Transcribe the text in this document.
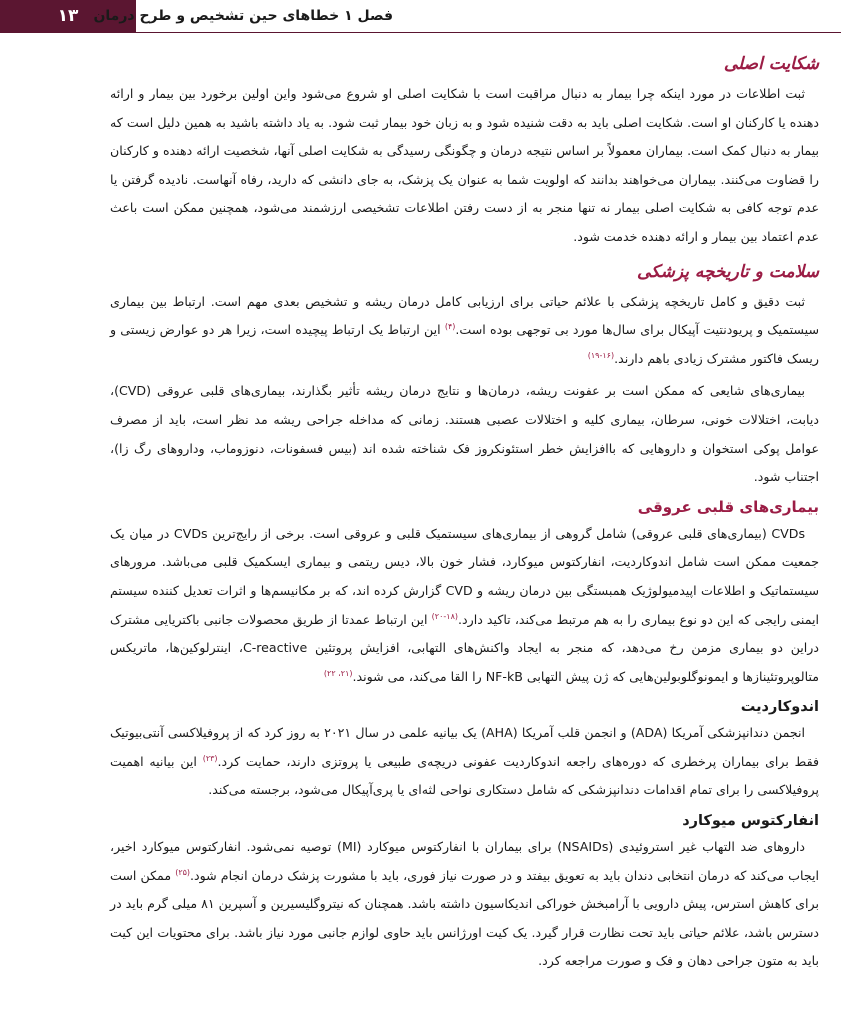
۱۳	فصل ۱ خطاهای حین تشخیص و طرح درمان
شکایت اصلی

ثبت اطلاعات در مورد اینکه چرا بیمار به دنبال مراقبت است با شکایت اصلی او شروع می‌شود واین اولین برخورد بین بیمار و ارائه دهنده یا کارکنان او است. شکایت اصلی باید به دقت شنیده شود و به زبان خود بیمار ثبت شود. به یاد داشته باشید به همین دلیل است که بیمار به دنبال کمک است. بیماران معمولاً بر اساس نتیجه درمان و چگونگی رسیدگی به شکایت اصلی آنها، شخصیت ارائه دهنده و کارکنان را قضاوت می‌کنند. بیماران می‌خواهند بدانند که اولویت شما به عنوان یک پزشک، به جای دانشی که دارید، رفاه آنهاست. نادیده گرفتن یا عدم توجه کافی به شکایت اصلی بیمار نه تنها منجر به از دست رفتن اطلاعات تشخیصی ارزشمند می‌شود، همچنین ممکن است باعث عدم اعتماد بین بیمار و ارائه دهنده خدمت شود.

سلامت و تاریخچه پزشکی

ثبت دقیق و کامل تاریخچه پزشکی با علائم حیاتی برای ارزیابی کامل درمان ریشه و تشخیص بعدی مهم است. ارتباط بین بیماری سیستمیک و پریودنتیت آپیکال برای سال‌ها مورد بی توجهی بوده است.$^{(۴)}$ این ارتباط یک ارتباط پیچیده است، زیرا هر دو عوارض زیستی و ریسک فاکتور مشترک زیادی باهم دارند.$^{(۱۶-۱۹)}$

بیماری‌های شایعی که ممکن است بر عفونت ریشه، درمان‌ها و نتایج درمان ریشه تأثیر بگذارند، بیماری‌های قلبی عروقی (CVD)، دیابت، اختلالات خونی، سرطان، بیماری کلیه و اختلالات عصبی هستند. زمانی که مداخله جراحی ریشه مد نظر است، باید از مصرف عوامل پوکی استخوان و داروهایی که باافزایش خطر استئونکروز فک شناخته شده اند (بیس فسفونات، دنوزوماب، وداروهای رگ زا)، اجتناب شود.

بیماری‌های قلبی عروقی

CVDs (بیماری‌های قلبی عروقی) شامل گروهی از بیماری‌های سیستمیک قلبی و عروقی است. برخی از رایج‌ترین CVDs در میان یک جمعیت ممکن است شامل اندوکاردیت، انفارکتوس میوکارد، فشار خون بالا، دیس ریتمی و بیماری ایسکمیک قلبی می‌باشد. مرورهای سیستماتیک و اطلاعات اپیدمیولوژیک همبستگی بین درمان ریشه و CVD گزارش کرده اند، که بر مکانیسم‌ها و اثرات تعدیل کننده سیستم ایمنی رایجی که این دو نوع بیماری را به هم مرتبط می‌کند، تاکید دارد.$^{(۱۸-۲۰)}$ این ارتباط عمدتا از طریق محصولات جانبی باکتریایی مشترک دراین دو بیماری مزمن رخ می‌دهد، که منجر به ایجاد واکنش‌های التهابی، افزایش پروتئین C-reactive، اینترلوکین‌ها، ماتریکس متالوپروتئینازها و ایمونوگلوبولین‌هایی که ژن پیش التهابی NF-kB را القا می‌کند، می شوند.$^{(۲۱، ۲۲)}$

اندوکاردیت

انجمن دندانپزشکی آمریکا (ADA) و انجمن قلب آمریکا (AHA) یک بیانیه علمی در سال ۲۰۲۱ به روز کرد که از پروفیلاکسی آنتی‌بیوتیک فقط برای بیماران پرخطری که دوره‌های راجعه اندوکاردیت عفونی دریچه‌ی طبیعی یا پروتزی دارند، حمایت کرد.$^{(۲۳)}$ این بیانیه اهمیت پروفیلاکسی را برای تمام اقدامات دندانپزشکی که شامل دستکاری نواحی لثه‌ای یا پری‌آپیکال می‌شود، برجسته می‌کند.

انفارکتوس میوکارد

داروهای ضد التهاب غیر استروئیدی (NSAIDs) برای بیماران با انفارکتوس میوکارد (MI) توصیه نمی‌شود. انفارکتوس میوکارد اخیر، ایجاب می‌کند که درمان انتخابی دندان باید به تعویق بیفتد و در صورت نیاز فوری، باید با مشورت پزشک درمان انجام شود.$^{(۲۵)}$ ممکن است برای کاهش استرس، پیش دارویی با آرامبخش خوراکی اندیکاسیون داشته باشد. همچنان که نیتروگلیسیرین و آسپرین ۸۱ میلی گرم باید در دسترس باشد، علائم حیاتی باید تحت نظارت قرار گیرد. یک کیت اورژانس باید حاوی لوازم جانبی مورد نیاز باشد. برای محتویات این کیت باید به متون جراحی دهان و فک و صورت مراجعه کرد.
